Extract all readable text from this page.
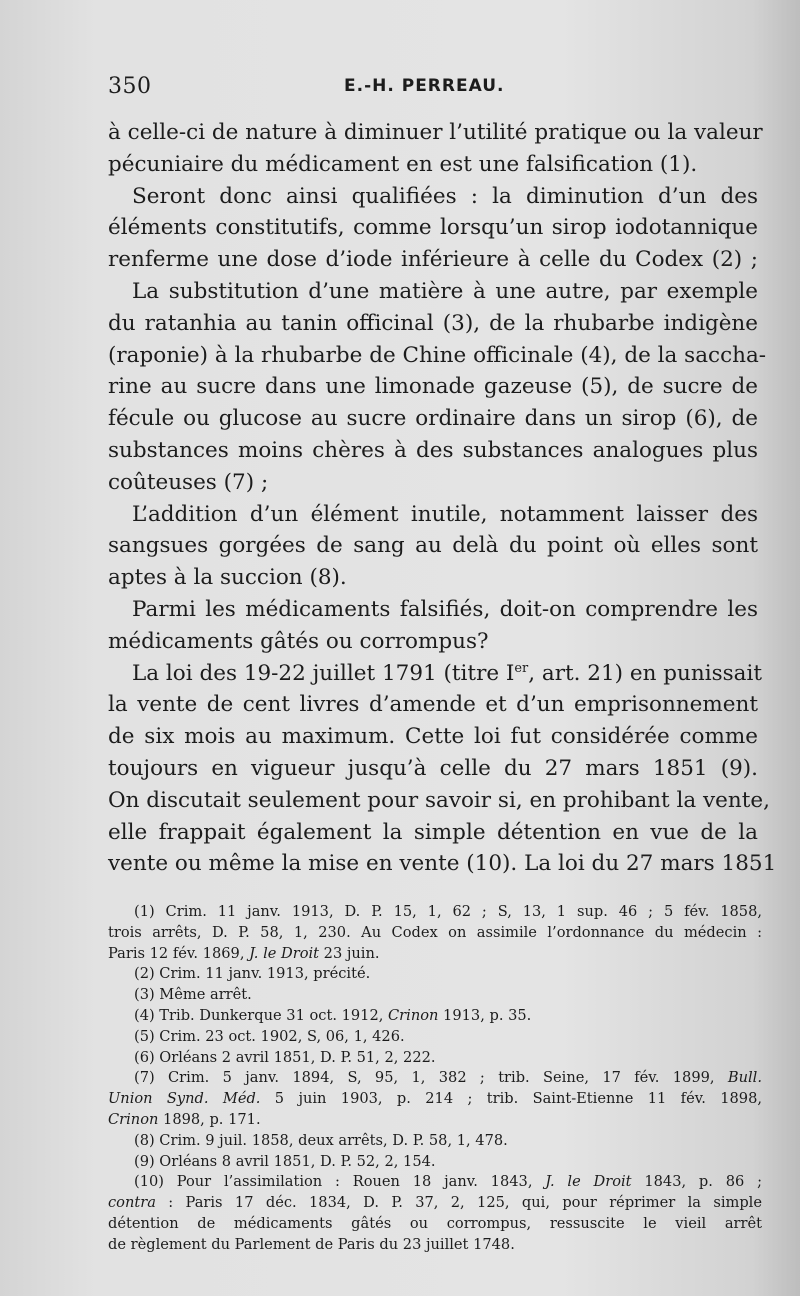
350	E.-H. PERREAU.
à celle-ci de nature à diminuer l’utilité pratique ou la valeur
pécuniaire du médicament en est une falsification (1).
Seront donc ainsi qualifiées : la diminution d’un des
éléments constitutifs, comme lorsqu’un sirop iodotannique
renferme une dose d’iode inférieure à celle du Codex (2) ;
La substitution d’une matière à une autre, par exemple
du ratanhia au tanin officinal (3), de la rhubarbe indigène
(raponie) à la rhubarbe de Chine officinale (4), de la saccha-
rine au sucre dans une limonade gazeuse (5), de sucre de
fécule ou glucose au sucre ordinaire dans un sirop (6), de
substances moins chères à des substances analogues plus
coûteuses (7) ;
L’addition d’un élément inutile, notamment laisser des
sangsues gorgées de sang au delà du point où elles sont
aptes à la succion (8).
Parmi les médicaments falsifiés, doit-on comprendre les
médicaments gâtés ou corrompus?
La loi des 19-22 juillet 1791 (titre Ier, art. 21) en punissait
la vente de cent livres d’amende et d’un emprisonnement
de six mois au maximum. Cette loi fut considérée comme
toujours en vigueur jusqu’à celle du 27 mars 1851 (9).
On discutait seulement pour savoir si, en prohibant la vente,
elle frappait également la simple détention en vue de la
vente ou même la mise en vente (10). La loi du 27 mars 1851
(1) Crim. 11 janv. 1913, D. P. 15, 1, 62 ; S, 13, 1 sup. 46 ; 5 fév. 1858,
trois arrêts, D. P. 58, 1, 230. Au Codex on assimile l’ordonnance du médecin :
Paris 12 fév. 1869, J. le Droit 23 juin.
(2) Crim. 11 janv. 1913, précité.
(3) Même arrêt.
(4) Trib. Dunkerque 31 oct. 1912, Crinon 1913, p. 35.
(5) Crim. 23 oct. 1902, S, 06, 1, 426.
(6) Orléans 2 avril 1851, D. P. 51, 2, 222.
(7) Crim. 5 janv. 1894, S, 95, 1, 382 ; trib. Seine, 17 fév. 1899, Bull.
Union Synd. Méd. 5 juin 1903, p. 214 ; trib. Saint-Etienne 11 fév. 1898,
Crinon 1898, p. 171.
(8) Crim. 9 juil. 1858, deux arrêts, D. P. 58, 1, 478.
(9) Orléans 8 avril 1851, D. P. 52, 2, 154.
(10) Pour l’assimilation : Rouen 18 janv. 1843, J. le Droit 1843, p. 86 ;
contra : Paris 17 déc. 1834, D. P. 37, 2, 125, qui, pour réprimer la simple
détention de médicaments gâtés ou corrompus, ressuscite le vieil arrêt
de règlement du Parlement de Paris du 23 juillet 1748.
